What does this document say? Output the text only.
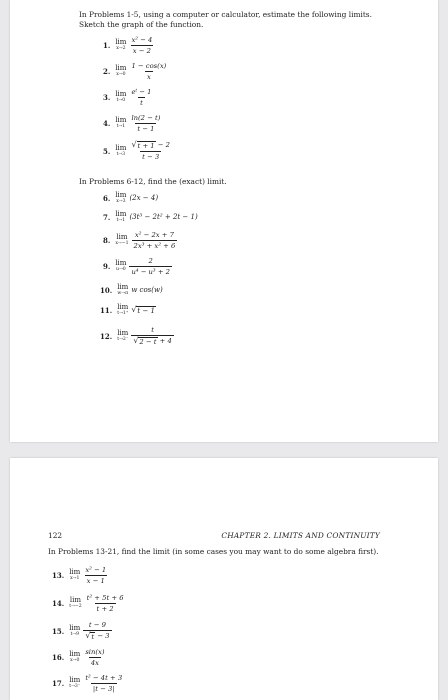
In Problems 1-5, using a computer or calculator, estimate the following limits. Sketch the graph of the function.
1. lim
$x\to 2 \frac{\text{x² − 4}}{x - 2}$
2. lim
$x\to 0 \frac{1 - \cos(x)}{x}$
3. lim
$t\to 0 \frac{\text{eᵗ − 1}}{t}$
4. lim
$t\to 1 \frac{\ln(2 - t)}{t - 1}$
5. lim
$t\to 3 \frac{√ t + 1 - 2}{t - 3}$
In Problems 6-12, find the (exact) limit.
6. lim
x→3 (2x − 4)
7. lim
t→1 (3t³ − 2t² + 2t − 1)
8. lim
$x\to-1 \frac{\text{x² − 2x + 7}}{\text{2x³ + x² + 6}}$
9. lim
$u\to 0 \frac{2}{\text{u⁴ − u³ + 2}}$
10. lim
w→π w cos(w)
11. lim
t→1⁺ √ t − 1
12. lim
$t\to 2^- \frac{t}{√ 2 - t + 4}$
122	CHAPTER 2. LIMITS AND CONTINUITY
In Problems 13-21, find the limit (in some cases you may want to do some algebra first).
13. lim
$x\to 1 \frac{\text{x² − 1}}{x - 1}$
14. lim
$t\to-2 \frac{\text{t² + 5t + 6}}{t + 2}$
15. lim
$t\to 9 \frac{t - 9}{√ t - 3}$
16. lim
$x\to 0 \frac{\sin(x)}{4x}$
17. lim
$t\to 3^- \frac{\text{t² − 4t + 3}}{|t - 3|}$
